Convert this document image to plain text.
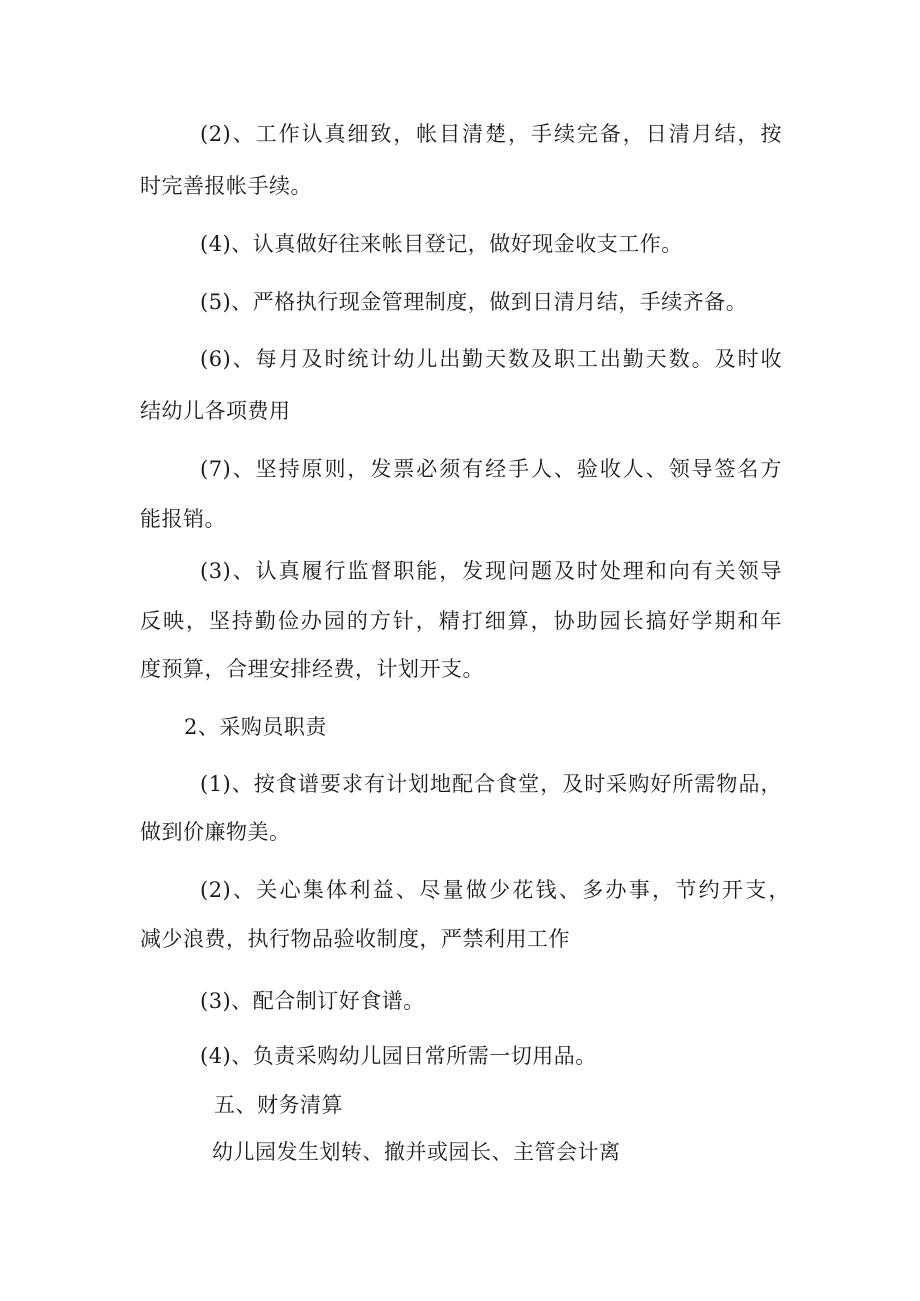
(2)、工作认真细致，帐目清楚，手续完备，日清月结，按
时完善报帐手续。
(4)、认真做好往来帐目登记，做好现金收支工作。
(5)、严格执行现金管理制度，做到日清月结，手续齐备。
(6)、每月及时统计幼儿出勤天数及职工出勤天数。及时收
结幼儿各项费用
(7)、坚持原则，发票必须有经手人、验收人、领导签名方
能报销。
(3)、认真履行监督职能，发现问题及时处理和向有关领导
反映，坚持勤俭办园的方针，精打细算，协助园长搞好学期和年
度预算，合理安排经费，计划开支。
2、采购员职责
(1)、按食谱要求有计划地配合食堂，及时采购好所需物品，
做到价廉物美。
(2)、关心集体利益、尽量做少花钱、多办事，节约开支，
减少浪费，执行物品验收制度，严禁利用工作
(3)、配合制订好食谱。
(4)、负责采购幼儿园日常所需一切用品。
五、财务清算
幼儿园发生划转、撤并或园长、主管会计离
